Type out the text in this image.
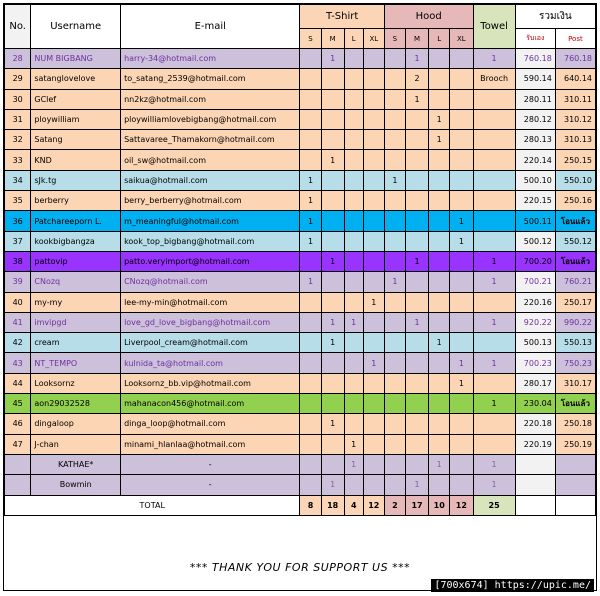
No.	Username	E-mail	T-Shirt				Hood				Towel	รวมเงิน	
			S	M	L	XL	S	M	L	XL		รับเอง	Post
28	NUM BIGBANG	harry-34@hotmail.com		1				1			1	760.18	760.18
29	satanglovelove	to_satang_2539@hotmail.com						2			Brooch	590.14	640.14
30	GClef	nn2kz@hotmail.com						1				280.11	310.11
31	ploywilliam	ploywilliamlovebigbang@hotmail.com							1			280.12	310.12
32	Satang	Sattavaree_Thamakorn@hotmail.com							1			280.13	310.13
33	KND	oil_sw@hotmail.com		1								220.14	250.15
34	sJk.tg	saikua@hotmail.com	1				1					500.10	550.10
35	berberry	berry_berberry@hotmail.com	1									220.15	250.16
36	Patchareeporn L.	m_meaningful@hotmail.com	1							1		500.11	โอนแล้ว
37	kookbigbangza	kook_top_bigbang@hotmail.com	1							1		500.12	550.12
38	pattovip	patto.veryimport@hotmail.com		1				1			1	700.20	โอนแล้ว
39	CNozq	CNozq@hotmail.com	1				1				1	700.21	760.21
40	my-my	lee-my-min@hotmail.com				1						220.16	250.17
41	imvipgd	love_gd_love_bigbang@hotmail.com		1	1			1			1	920.22	990.22
42	cream	Liverpool_cream@hotmail.com		1					1			500.13	550.13
43	NT_TEMPO	kulnida_ta@hotmail.com				1				1	1	700.23	750.23
44	Looksornz	Looksornz_bb.vip@hotmail.com								1		280.17	310.17
45	aon29032528	mahanacon456@hotmail.com									1	230.04	โอนแล้ว
46	dingaloop	dinga_loop@hotmail.com		1								220.18	250.18
47	J-chan	minami_hlanlaa@hotmail.com			1							220.19	250.19
	KATHAE*	-			1				1		1		
	Bowmin	-		1				1			1		
TOTAL			8	18	4	12	2	17	10	12	25		
*** THANK YOU FOR SUPPORT US ***
[700x674] https://upic.me/
